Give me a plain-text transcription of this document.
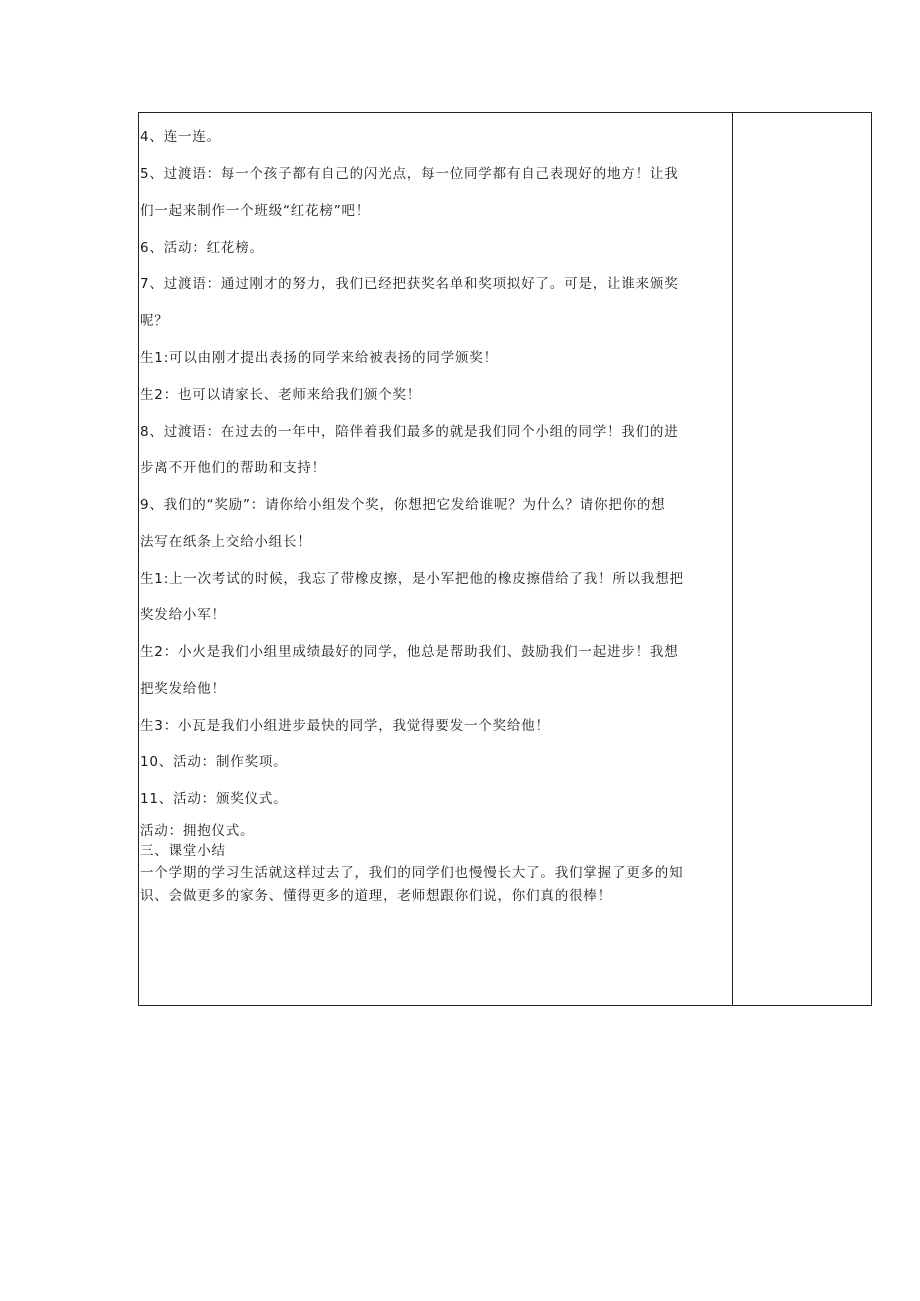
4、连一连。
5、过渡语：每一个孩子都有自己的闪光点，每一位同学都有自己表现好的地方！让我
们一起来制作一个班级“红花榜”吧！
6、活动：红花榜。
7、过渡语：通过刚才的努力，我们已经把获奖名单和奖项拟好了。可是，让谁来颁奖
呢？
生1:可以由刚才提出表扬的同学来给被表扬的同学颁奖！
生2：也可以请家长、老师来给我们颁个奖！
8、过渡语：在过去的一年中，陪伴着我们最多的就是我们同个小组的同学！我们的进
步离不开他们的帮助和支持！
9、我们的“奖励”：请你给小组发个奖，你想把它发给谁呢？为什么？请你把你的想
法写在纸条上交给小组长！
生1:上一次考试的时候，我忘了带橡皮擦，是小军把他的橡皮擦借给了我！所以我想把
奖发给小军！
生2：小火是我们小组里成绩最好的同学，他总是帮助我们、鼓励我们一起进步！我想
把奖发给他！
生3：小瓦是我们小组进步最快的同学，我觉得要发一个奖给他！
10、活动：制作奖项。
11、活动：颁奖仪式。
活动：拥抱仪式。
三、课堂小结
一个学期的学习生活就这样过去了，我们的同学们也慢慢长大了。我们掌握了更多的知
识、会做更多的家务、懂得更多的道理，老师想跟你们说，你们真的很棒！
